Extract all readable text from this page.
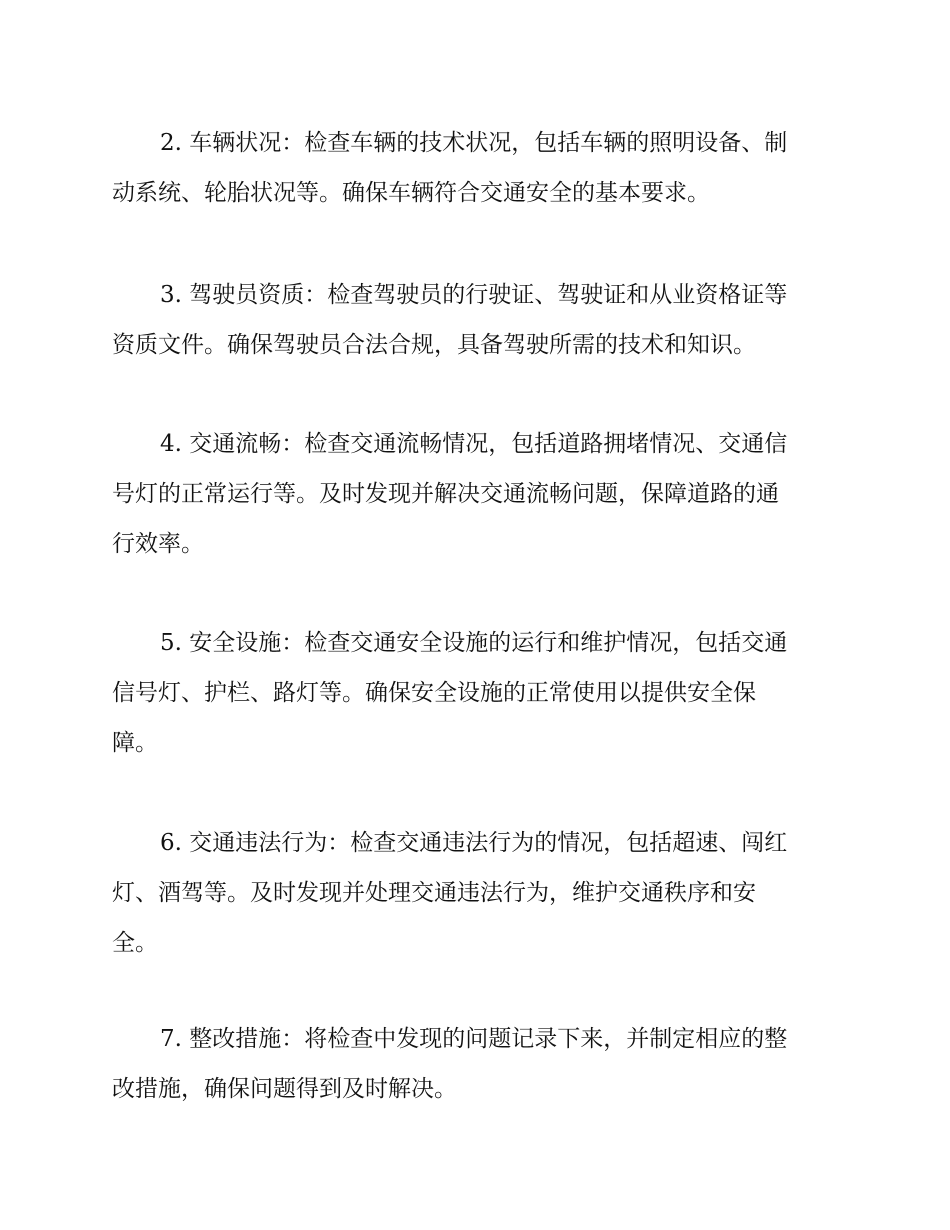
2. 车辆状况：检查车辆的技术状况，包括车辆的照明设备、制
动系统、轮胎状况等。确保车辆符合交通安全的基本要求。

3. 驾驶员资质：检查驾驶员的行驶证、驾驶证和从业资格证等
资质文件。确保驾驶员合法合规，具备驾驶所需的技术和知识。

4. 交通流畅：检查交通流畅情况，包括道路拥堵情况、交通信
号灯的正常运行等。及时发现并解决交通流畅问题，保障道路的通
行效率。

5. 安全设施：检查交通安全设施的运行和维护情况，包括交通
信号灯、护栏、路灯等。确保安全设施的正常使用以提供安全保
障。

6. 交通违法行为：检查交通违法行为的情况，包括超速、闯红
灯、酒驾等。及时发现并处理交通违法行为，维护交通秩序和安
全。

7. 整改措施：将检查中发现的问题记录下来，并制定相应的整
改措施，确保问题得到及时解决。
